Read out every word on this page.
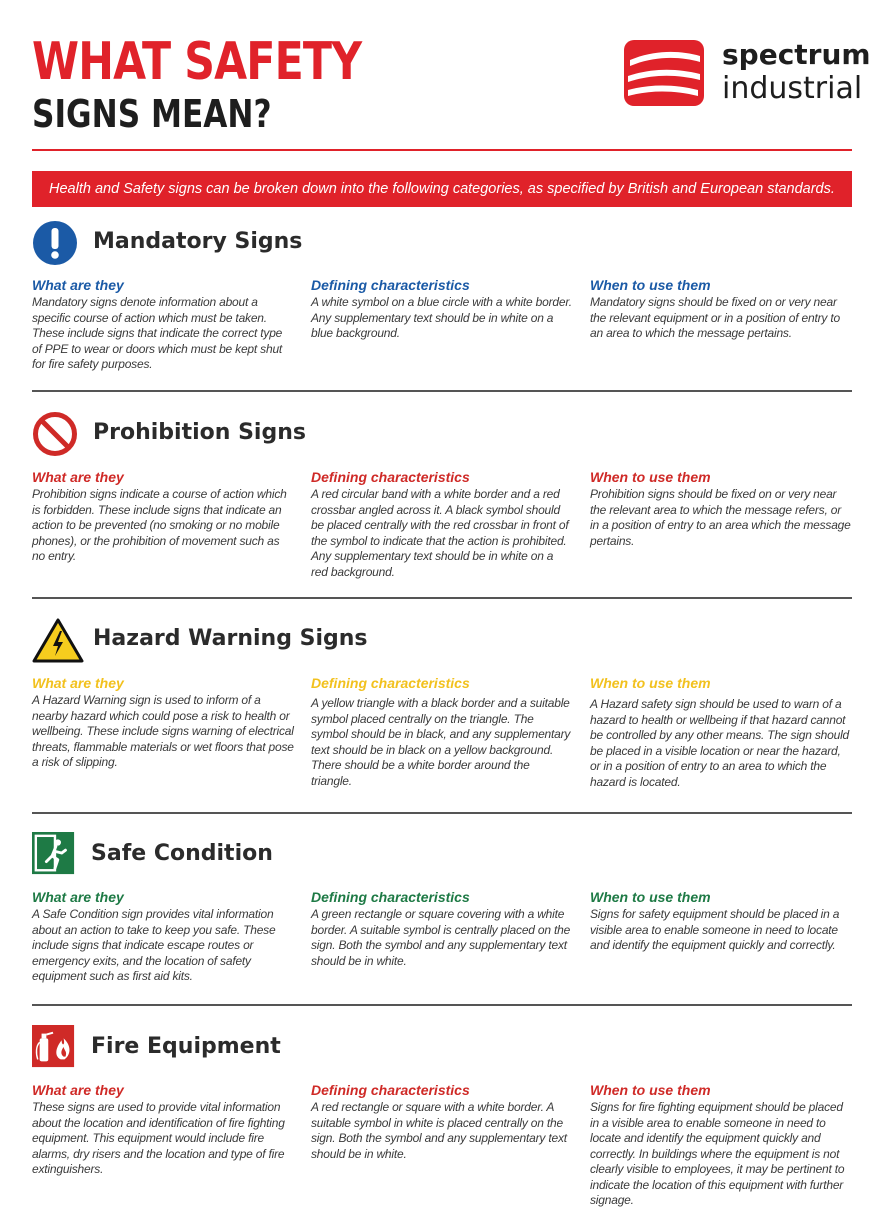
WHAT SAFETY
SIGNS MEAN?
spectrum
industrial
Health and Safety signs can be broken down into the following categories, as specified by British and European standards.
Mandatory Signs
What are they
Mandatory signs denote information about a specific course of action which must be taken. These include signs that indicate the correct type of PPE to wear or doors which must be kept shut for fire safety purposes.
Defining characteristics
A white symbol on a blue circle with a white border. Any supplementary text should be in white on a blue background.
When to use them
Mandatory signs should be fixed on or very near the relevant equipment or in a position of entry to an area to which the message pertains.
Prohibition Signs
What are they
Prohibition signs indicate a course of action which is forbidden. These include signs that indicate an action to be prevented (no smoking or no mobile phones), or the prohibition of movement such as no entry.
Defining characteristics
A red circular band with a white border and a red crossbar angled across it. A black symbol should be placed centrally with the red crossbar in front of the symbol to indicate that the action is prohibited. Any supplementary text should be in white on a red background.
When to use them
Prohibition signs should be fixed on or very near the relevant area to which the message refers, or in a position of entry to an area which the message pertains.
Hazard Warning Signs
What are they
A Hazard Warning sign is used to inform of a nearby hazard which could pose a risk to health or wellbeing. These include signs warning of electrical threats, flammable materials or wet floors that pose a risk of slipping.
Defining characteristics
A yellow triangle with a black border and a suitable symbol placed centrally on the triangle. The symbol should be in black, and any supplementary text should be in black on a yellow background. There should be a white border around the triangle.
When to use them
A Hazard safety sign should be used to warn of a hazard to health or wellbeing if that hazard cannot be controlled by any other means. The sign should be placed in a visible location or near the hazard, or in a position of entry to an area to which the hazard is located.
Safe Condition
What are they
A Safe Condition sign provides vital information about an action to take to keep you safe. These include signs that indicate escape routes or emergency exits, and the location of safety equipment such as first aid kits.
Defining characteristics
A green rectangle or square covering with a white border. A suitable symbol is centrally placed on the sign. Both the symbol and any supplementary text should be in white.
When to use them
Signs for safety equipment should be placed in a visible area to enable someone in need to locate and identify the equipment quickly and correctly.
Fire Equipment
What are they
These signs are used to provide vital information about the location and identification of fire fighting equipment. This equipment would include fire alarms, dry risers and the location and type of fire extinguishers.
Defining characteristics
A red rectangle or square with a white border. A suitable symbol in white is placed centrally on the sign. Both the symbol and any supplementary text should be in white.
When to use them
Signs for fire fighting equipment should be placed in a visible area to enable someone in need to locate and identify the equipment quickly and correctly. In buildings where the equipment is not clearly visible to employees, it may be pertinent to indicate the location of this equipment with further signage.
